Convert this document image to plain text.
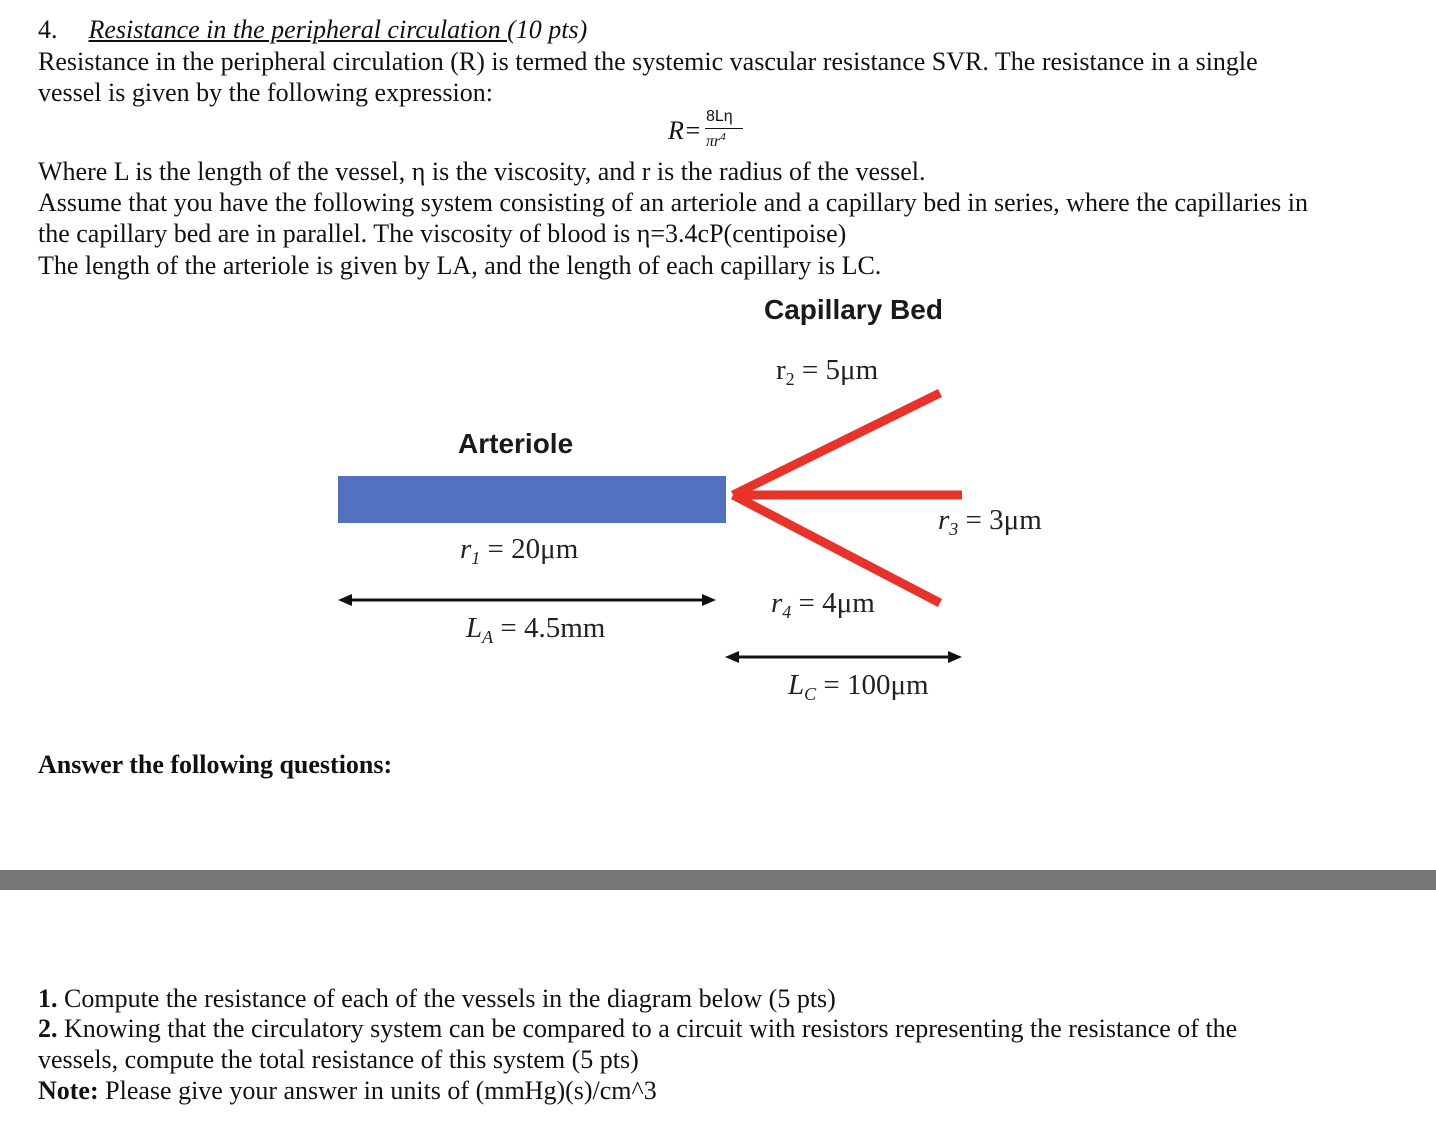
4. Resistance in the peripheral circulation (10 pts)
Resistance in the peripheral circulation (R) is termed the systemic vascular resistance SVR. The resistance in a single
vessel is given by the following expression:
R= 8Lη
$\pi r^4$
Where L is the length of the vessel, η is the viscosity, and r is the radius of the vessel.
Assume that you have the following system consisting of an arteriole and a capillary bed in series, where the capillaries in
the capillary bed are in parallel. The viscosity of blood is η=3.4cP(centipoise)
The length of the arteriole is given by LA, and the length of each capillary is LC.
Capillary Bed
Arteriole
$r_2 = 5\mu m$
$r_1 = 20\mu m$
$r_3 = 3\mu m$
$r_4 = 4\mu m$
$L_A = 4.5mm$
$L_C = 100\mu m$
Answer the following questions:
1. Compute the resistance of each of the vessels in the diagram below (5 pts)
2. Knowing that the circulatory system can be compared to a circuit with resistors representing the resistance of the
vessels, compute the total resistance of this system (5 pts)
Note: Please give your answer in units of (mmHg)(s)/cm^3
